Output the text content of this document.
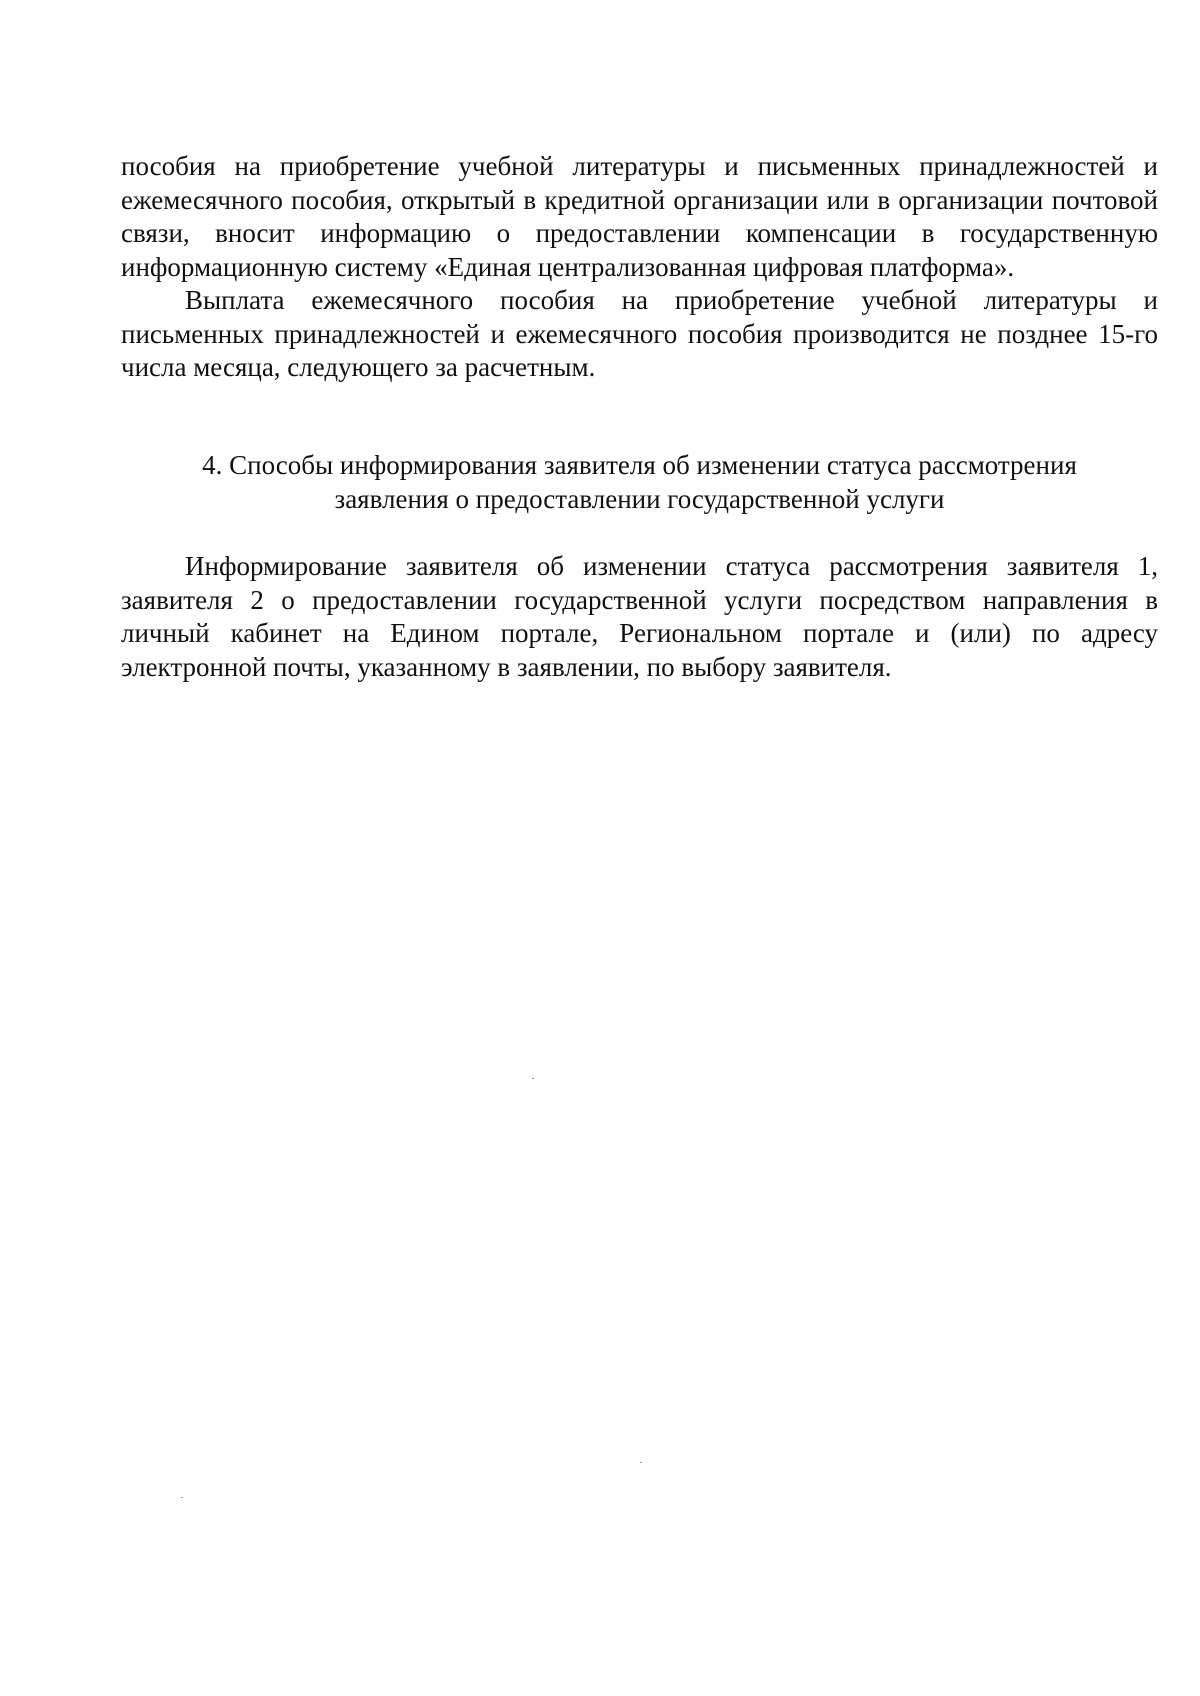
пособия на приобретение учебной литературы и письменных принадлежностей и ежемесячного пособия, открытый в кредитной организации или в организации почтовой связи, вносит информацию о предоставлении компенсации в государственную информационную систему «Единая централизованная цифровая платформа».

Выплата ежемесячного пособия на приобретение учебной литературы и письменных принадлежностей и ежемесячного пособия производится не позднее 15-го числа месяца, следующего за расчетным.

4. Способы информирования заявителя об изменении статуса рассмотрения
заявления о предоставлении государственной услуги

Информирование заявителя об изменении статуса рассмотрения заявителя 1, заявителя 2 о предоставлении государственной услуги посредством направления в личный кабинет на Едином портале, Региональном портале и (или) по адресу электронной почты, указанному в заявлении, по выбору заявителя.
